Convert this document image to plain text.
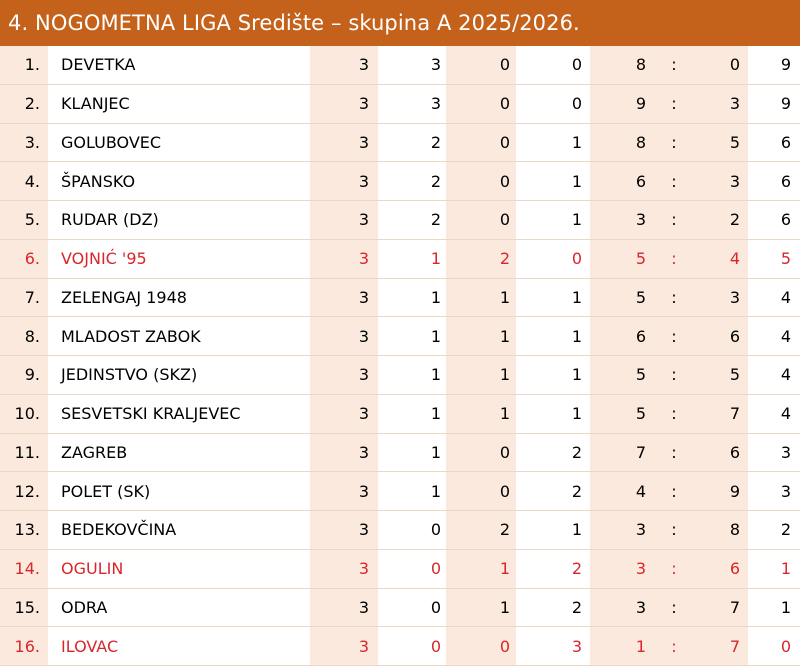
4. NOGOMETNA LIGA Središte – skupina A 2025/2026.
1.	DEVETKA	3	3	0	0	8	:	0	9
2.	KLANJEC	3	3	0	0	9	:	3	9
3.	GOLUBOVEC	3	2	0	1	8	:	5	6
4.	ŠPANSKO	3	2	0	1	6	:	3	6
5.	RUDAR (DZ)	3	2	0	1	3	:	2	6
6.	VOJNIĆ '95	3	1	2	0	5	:	4	5
7.	ZELENGAJ 1948	3	1	1	1	5	:	3	4
8.	MLADOST ZABOK	3	1	1	1	6	:	6	4
9.	JEDINSTVO (SKZ)	3	1	1	1	5	:	5	4
10.	SESVETSKI KRALJEVEC	3	1	1	1	5	:	7	4
11.	ZAGREB	3	1	0	2	7	:	6	3
12.	POLET (SK)	3	1	0	2	4	:	9	3
13.	BEDEKOVČINA	3	0	2	1	3	:	8	2
14.	OGULIN	3	0	1	2	3	:	6	1
15.	ODRA	3	0	1	2	3	:	7	1
16.	ILOVAC	3	0	0	3	1	:	7	0
